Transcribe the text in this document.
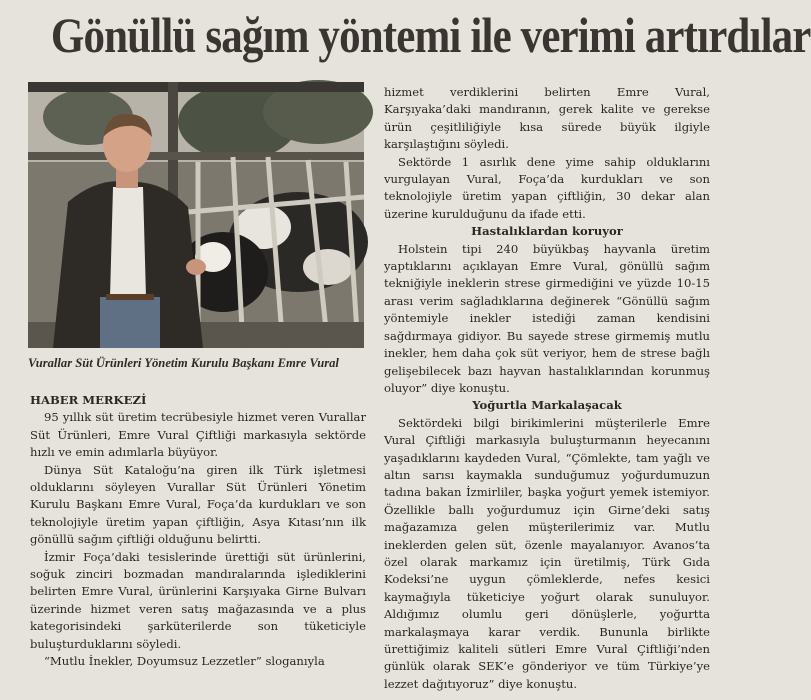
Gönüllü sağım yöntemi ile verimi artırdılar
Vurallar Süt Ürünleri Yönetim Kurulu Başkanı Emre Vural

HABER MERKEZİ

95 yıllık süt üretim tecrübesiyle hizmet veren Vurallar Süt Ürünleri, Emre Vural Çiftliği markasıyla sektörde hızlı ve emin adımlarla büyüyor.

Dünya Süt Kataloğu’na giren ilk Türk işletmesi olduklarını söyleyen Vurallar Süt Ürünleri Yönetim Kurulu Başkanı Emre Vural, Foça’da kurdukları ve son teknolojiyle üretim yapan çiftliğin, Asya Kıtası’nın ilk gönüllü sağım çiftliği olduğunu belirtti.

İzmir Foça’daki tesislerinde ürettiği süt ürünlerini, soğuk zinciri bozmadan mandıralarında işlediklerini belirten Emre Vural, ürünlerini Karşıyaka Girne Bulvarı üzerinde hizmet veren satış mağazasında ve a plus kategorisindeki şarküterilerde son tüketiciyle buluşturduklarını söyledi.

“Mutlu İnekler, Doyumsuz Lezzetler” sloganıyla

hizmet verdiklerini belirten Emre Vural, Karşıyaka’daki mandıranın, gerek kalite ve gerekse ürün çeşitliliğiyle kısa sürede büyük ilgiyle karşılaştığını söyledi.

Sektörde 1 asırlık dene yime sahip olduklarını vurgulayan Vural, Foça’da kurdukları ve son teknolojiyle üretim yapan çiftliğin, 30 dekar alan üzerine kurulduğunu da ifade etti.

Hastalıklardan koruyor

Holstein tipi 240 büyükbaş hayvanla üretim yaptıklarını açıklayan Emre Vural, gönüllü sağım tekniğiyle ineklerin strese girmediğini ve yüzde 10-15 arası verim sağladıklarına değinerek “Gönüllü sağım yöntemiyle inekler istediği zaman kendisini sağdırmaya gidiyor. Bu sayede strese girmemiş mutlu inekler, hem daha çok süt veriyor, hem de strese bağlı gelişebilecek bazı hayvan hastalıklarından korunmuş oluyor” diye konuştu.

Yoğurtla Markalaşacak

Sektördeki bilgi birikimlerini müşterilerle Emre Vural Çiftliği markasıyla buluşturmanın heyecanını yaşadıklarını kaydeden Vural, “Çömlekte, tam yağlı ve altın sarısı kaymakla sunduğumuz yoğurdumuzun tadına bakan İzmirliler, başka yoğurt yemek istemiyor. Özellikle ballı yoğurdumuz için Girne’deki satış mağazamıza gelen müşterilerimiz var. Mutlu ineklerden gelen süt, özenle mayalanıyor. Avanos’ta özel olarak markamız için üretilmiş, Türk Gıda Kodeksi’ne uygun çömleklerde, nefes kesici kaymağıyla tüketiciye yoğurt olarak sunuluyor. Aldığımız olumlu geri dönüşlerle, yoğurtta markalaşmaya karar verdik. Bununla birlikte ürettiğimiz kaliteli sütleri Emre Vural Çiftliği’nden günlük olarak SEK’e gönderiyor ve tüm Türkiye’ye lezzet dağıtıyoruz” diye konuştu.
